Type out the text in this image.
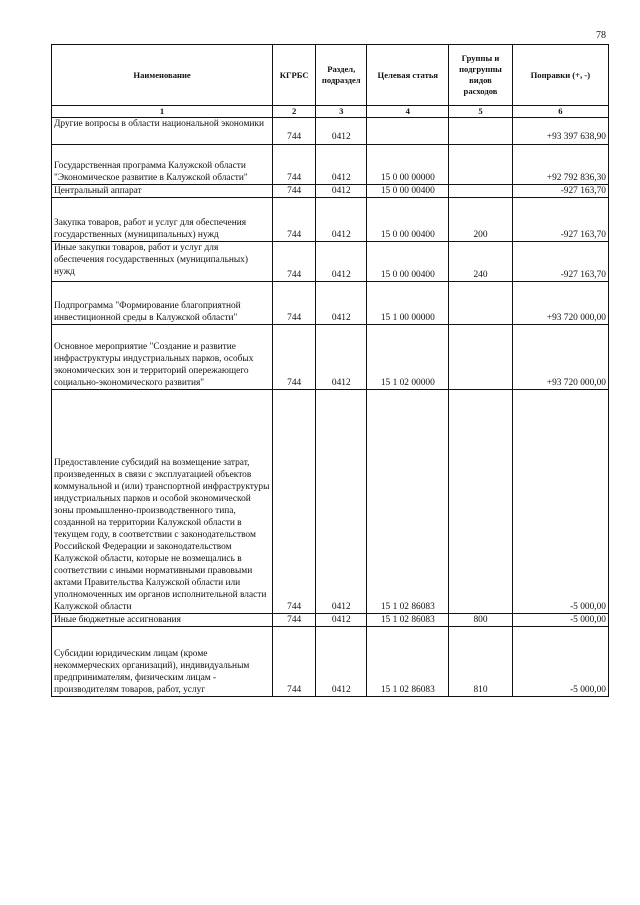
78
Наименование	КГРБС	Раздел, подраздел	Целевая статья	Группы и подгруппы видов расходов	Поправки (+, -)
1	2	3	4	5	6
Другие вопросы в области национальной экономики	744	0412			+93 397 638,90
Государственная программа Калужской области "Экономическое развитие в Калужской области"	744	0412	15 0 00 00000		+92 792 836,30
Центральный аппарат	744	0412	15 0 00 00400		-927 163,70
Закупка товаров, работ и услуг для обеспечения государственных (муниципальных) нужд	744	0412	15 0 00 00400	200	-927 163,70
Иные закупки товаров, работ и услуг для обеспечения государственных (муниципальных) нужд	744	0412	15 0 00 00400	240	-927 163,70
Подпрограмма "Формирование благоприятной инвестиционной среды в Калужской области"	744	0412	15 1 00 00000		+93 720 000,00
Основное мероприятие "Создание и развитие инфраструктуры индустриальных парков, особых экономических зон и территорий опережающего социально-экономического развития"	744	0412	15 1 02 00000		+93 720 000,00
Предоставление субсидий на возмещение затрат, произведенных в связи с эксплуатацией объектов коммунальной и (или) транспортной инфраструктуры индустриальных парков и особой экономической зоны промышленно-производственного типа, созданной на территории Калужской области в текущем году, в соответствии с законодательством Российской Федерации и законодательством Калужской области, которые не возмещались в соответствии с иными нормативными правовыми актами Правительства Калужской области или уполномоченных им органов исполнительной власти Калужской области	744	0412	15 1 02 86083		-5 000,00
Иные бюджетные ассигнования	744	0412	15 1 02 86083	800	-5 000,00
Субсидии юридическим лицам (кроме некоммерческих организаций), индивидуальным предпринимателям, физическим лицам - производителям товаров, работ, услуг	744	0412	15 1 02 86083	810	-5 000,00
